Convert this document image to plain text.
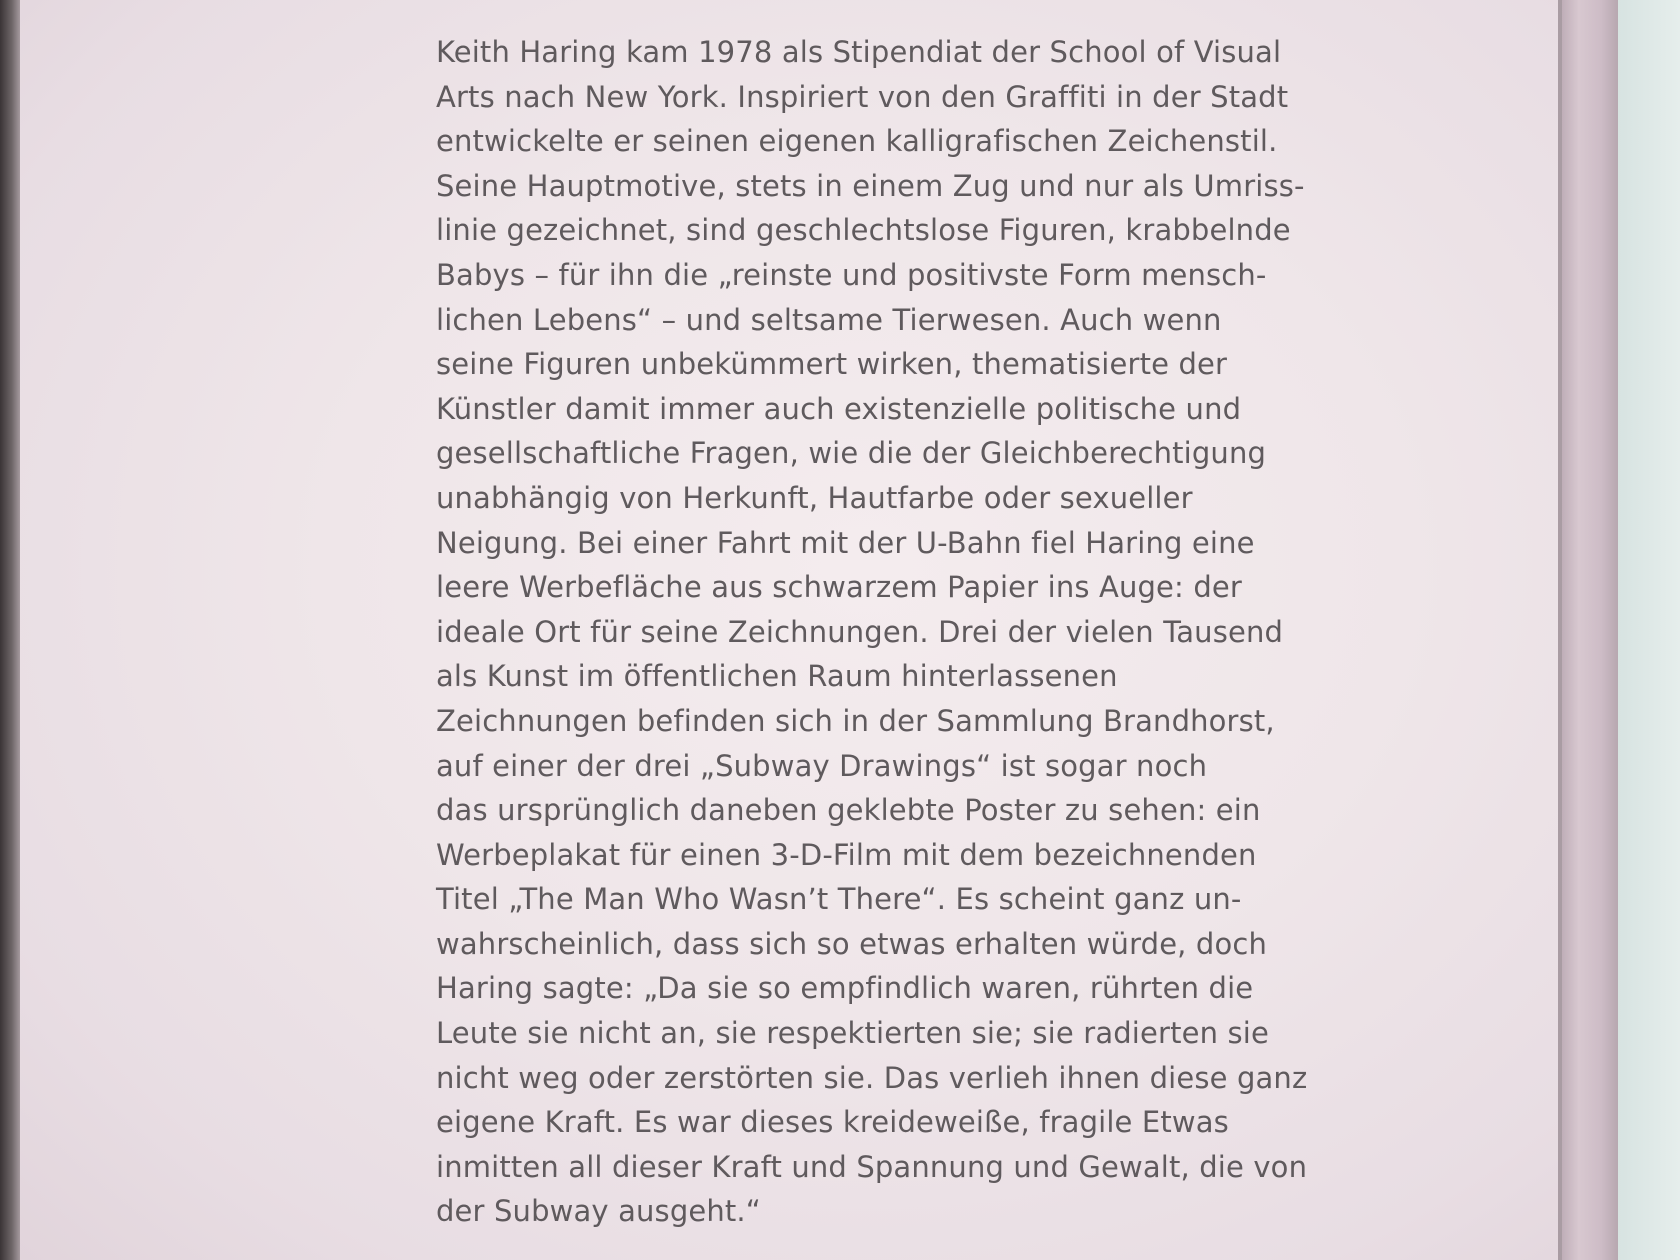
Keith Haring kam 1978 als Stipendiat der School of Visual
Arts nach New York. Inspiriert von den Graffiti in der Stadt
entwickelte er seinen eigenen kalligrafischen Zeichenstil.
Seine Hauptmotive, stets in einem Zug und nur als Umriss-
linie gezeichnet, sind geschlechtslose Figuren, krabbelnde
Babys – für ihn die „reinste und positivste Form mensch-
lichen Lebens“ – und seltsame Tierwesen. Auch wenn
seine Figuren unbekümmert wirken, thematisierte der
Künstler damit immer auch existenzielle politische und
gesellschaftliche Fragen, wie die der Gleichberechtigung
unabhängig von Herkunft, Hautfarbe oder sexueller
Neigung. Bei einer Fahrt mit der U-Bahn fiel Haring eine
leere Werbefläche aus schwarzem Papier ins Auge: der
ideale Ort für seine Zeichnungen. Drei der vielen Tausend
als Kunst im öffentlichen Raum hinterlassenen
Zeichnungen befinden sich in der Sammlung Brandhorst,
auf einer der drei „Subway Drawings“ ist sogar noch
das ursprünglich daneben geklebte Poster zu sehen: ein
Werbeplakat für einen 3-D-Film mit dem bezeichnenden
Titel „The Man Who Wasn’t There“. Es scheint ganz un-
wahrscheinlich, dass sich so etwas erhalten würde, doch
Haring sagte: „Da sie so empfindlich waren, rührten die
Leute sie nicht an, sie respektierten sie; sie radierten sie
nicht weg oder zerstörten sie. Das verlieh ihnen diese ganz
eigene Kraft. Es war dieses kreideweiße, fragile Etwas
inmitten all dieser Kraft und Spannung und Gewalt, die von
der Subway ausgeht.“
